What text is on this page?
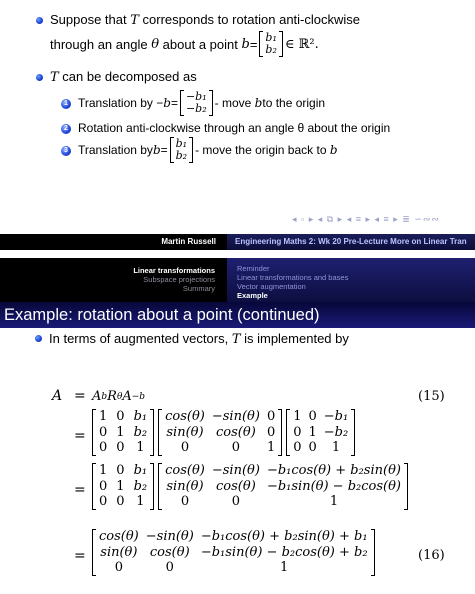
Suppose that T corresponds to rotation anti-clockwise
through an angle
θ
about a point
b = b₁
b₂ ∈ ℝ².
T can be decomposed as
1 Translation by − b = −b₁
−b₂ - move
b to the origin
2 Rotation anti-clockwise through an angle θ about the origin
3 Translation by b = b₁
b₂ - move the origin back to
b
◂ ▫ ▸ ◂ ⧉ ▸ ◂ ≡ ▸ ◂ ≡ ▸ ≣ ∽∾∾
Martin Russell	Engineering Maths 2: Wk 20 Pre-Lecture More on Linear Tran
Linear transformations
Subspace projections
Summary
Reminder
Linear transformations and bases
Vector augmentation
Example
Example: rotation about a point (continued)
In terms of augmented vectors, T is implemented by
A = A b R θ A −b	(15)
=
1 0 b₁
0 1 b₂
0 0 1
cos(θ) −sin(θ) 0
sin(θ) cos(θ) 0
0	0	1
1 0 −b₁
0 1 −b₂
0 0	1
=
1 0 b₁
0 1 b₂
0 0 1
cos(θ) −sin(θ) −b₁cos(θ) + b₂sin(θ)
sin(θ) cos(θ) −b₁sin(θ) − b₂cos(θ)
0	0	1
=
cos(θ) −sin(θ) −b₁cos(θ) + b₂sin(θ) + b₁
sin(θ) cos(θ) −b₁sin(θ) − b₂cos(θ) + b₂
0	0	1
(16)
